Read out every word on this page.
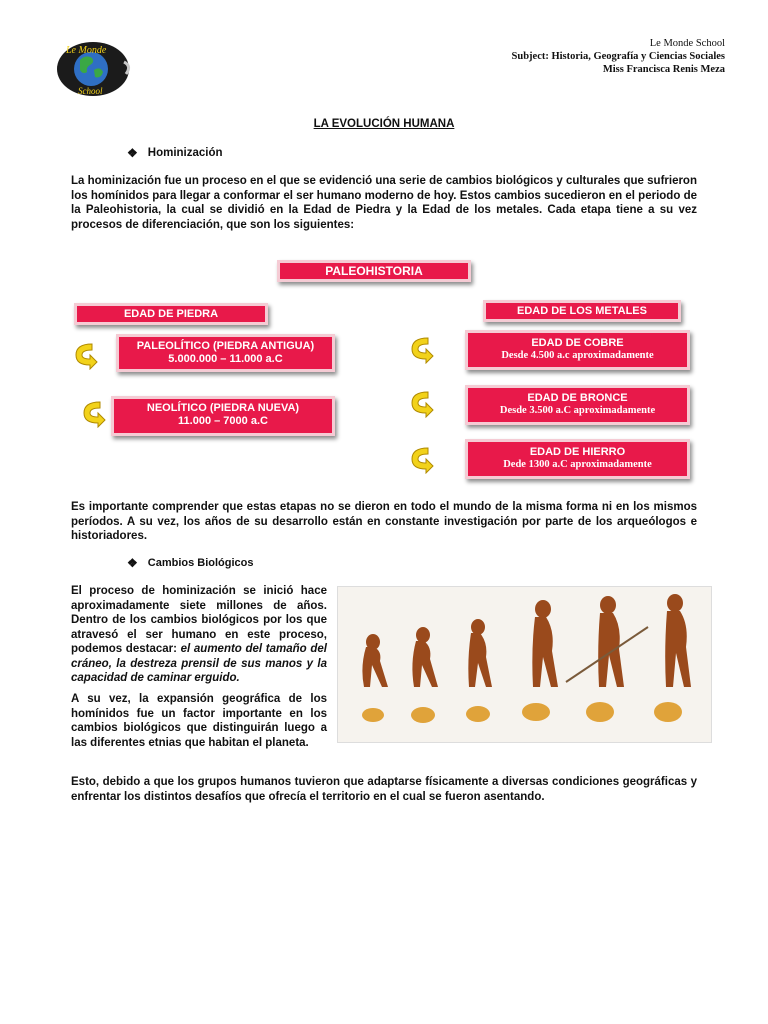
Le Monde
School
Le Monde School
Subject: Historia, Geografía y Ciencias Sociales
Miss Francisca Renis Meza
LA EVOLUCIÓN HUMANA
❖ Hominización
La hominización fue un proceso en el que se evidenció una serie de cambios biológicos y culturales que sufrieron los homínidos para llegar a conformar el ser humano moderno de hoy. Estos cambios sucedieron en el periodo de la Paleohistoria, la cual se dividió en la Edad de Piedra y la Edad de los metales. Cada etapa tiene a su vez procesos de diferenciación, que son los siguientes:
PALEOHISTORIA
EDAD DE PIEDRA	EDAD DE LOS METALES
PALEOLÍTICO (PIEDRA ANTIGUA)
5.000.000 – 11.000 a.C
NEOLÍTICO (PIEDRA NUEVA)
11.000 – 7000 a.C
EDAD DE COBRE
Desde 4.500 a.c aproximadamente
EDAD DE BRONCE
Desde 3.500 a.C aproximadamente
EDAD DE HIERRO
Dede 1300 a.C aproximadamente
Es importante comprender que estas etapas no se dieron en todo el mundo de la misma forma ni en los mismos períodos. A su vez, los años de su desarrollo están en constante investigación por parte de los arqueólogos e historiadores.
❖ Cambios Biológicos
El proceso de hominización se inició hace aproximadamente siete millones de años. Dentro de los cambios biológicos por los que atravesó el ser humano en este proceso, podemos destacar: el aumento del tamaño del cráneo, la destreza prensil de sus manos y la capacidad de caminar erguido.
A su vez, la expansión geográfica de los homínidos fue un factor importante en los cambios biológicos que distinguirán luego a las diferentes etnias que habitan el planeta.
Esto, debido a que los grupos humanos tuvieron que adaptarse físicamente a diversas condiciones geográficas y enfrentar los distintos desafíos que ofrecía el territorio en el cual se fueron asentando.
